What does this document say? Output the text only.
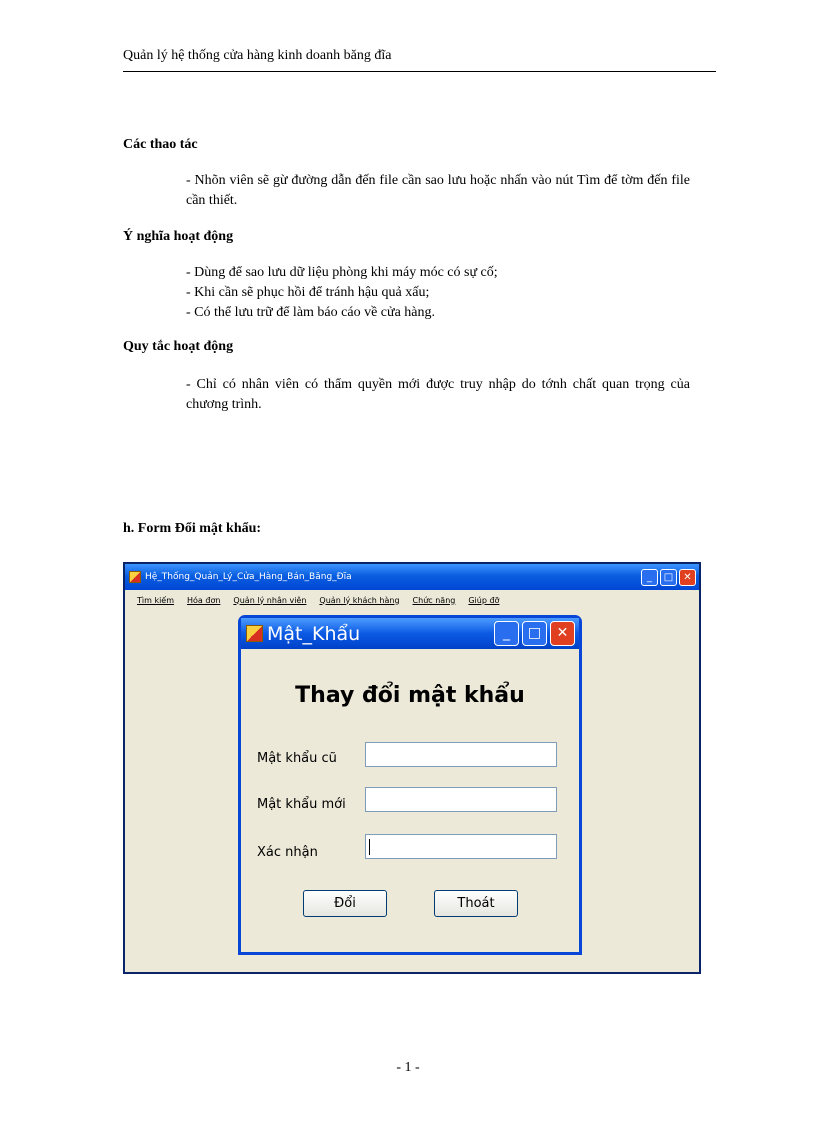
Quản lý hệ thống cửa hàng kinh doanh băng đĩa
Các thao tác

- Nhõn viên sẽ gừ đường dẫn đến file cần sao lưu hoặc nhấn vào nút Tìm để tờm đến file cần thiết.

Ý nghĩa hoạt động

- Dùng để sao lưu dữ liệu phòng khi máy móc có sự cố;

- Khi cần sẽ phục hồi để tránh hậu quả xấu;

- Có thể lưu trữ để làm báo cáo về cửa hàng.

Quy tắc hoạt động

- Chỉ có nhân viên có thẩm quyền mới được truy nhập do tớnh chất quan trọng của chương trình.

h. Form Đổi mật khẩu:
Hệ_Thống_Quản_Lý_Cửa_Hàng_Bán_Băng_Đĩa	_	□	✕
Tìm kiếm Hóa đơn Quản lý nhân viên Quản lý khách hàng Chức năng Giúp đỡ
Mật_Khẩu	_	□	✕
Thay đổi mật khẩu
Mật khẩu cũ
Mật khẩu mới
Xác nhận
Đổi	Thoát
- 1 -
